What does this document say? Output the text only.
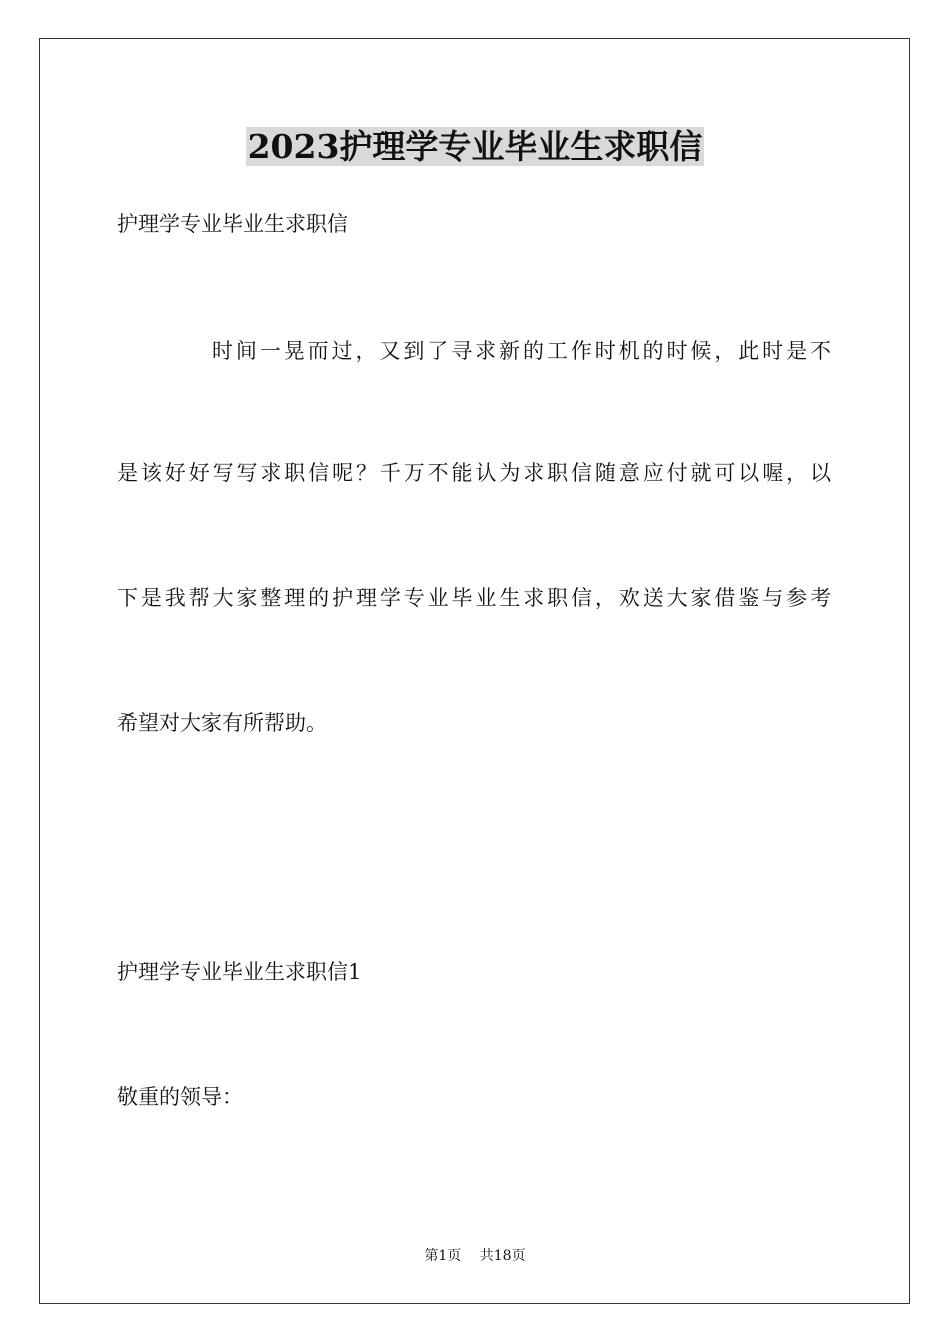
2023护理学专业毕业生求职信

护理学专业毕业生求职信

时间一晃而过，又到了寻求新的工作时机的时候，此时是不

是该好好写写求职信呢？千万不能认为求职信随意应付就可以喔，以

下是我帮大家整理的护理学专业毕业生求职信，欢送大家借鉴与参考

希望对大家有所帮助。

护理学专业毕业生求职信1

敬重的领导：

第1页 共18页
